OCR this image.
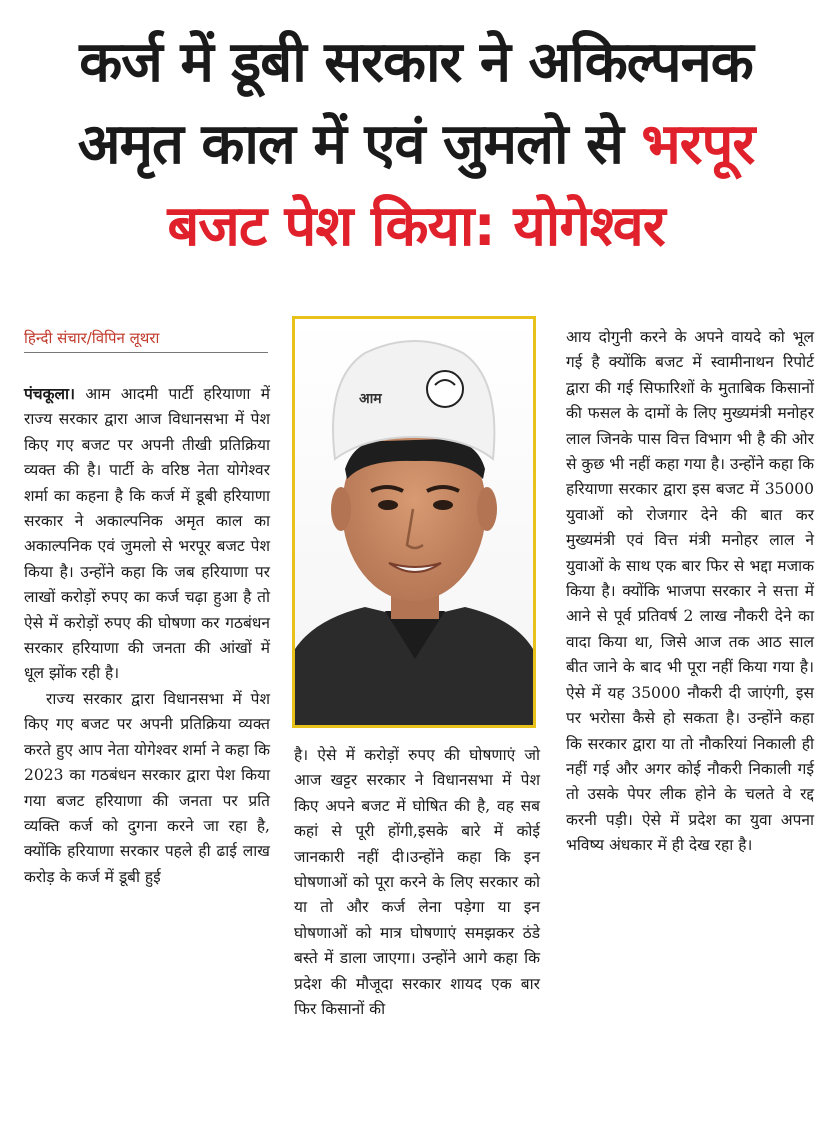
कर्ज में डूबी सरकार ने अकिल्पनक
अमृत काल में एवं जुमलो से भरपूर
बजट पेश किया: योगेश्वर
हिन्दी संचार/विपिन लूथरा

पंचकूला। आम आदमी पार्टी हरियाणा में राज्य सरकार द्वारा आज विधानसभा में पेश किए गए बजट पर अपनी तीखी प्रतिक्रिया व्यक्त की है। पार्टी के वरिष्ठ नेता योगेश्वर शर्मा का कहना है कि कर्ज में डूबी हरियाणा सरकार ने अकाल्पनिक अमृत काल का अकाल्पनिक एवं जुमलो से भरपूर बजट पेश किया है। उन्होंने कहा कि जब हरियाणा पर लाखों करोड़ों रुपए का कर्ज चढ़ा हुआ है तो ऐसे में करोड़ों रुपए की घोषणा कर गठबंधन सरकार हरियाणा की जनता की आंखों में धूल झोंक रही है।

राज्य सरकार द्वारा विधानसभा में पेश किए गए बजट पर अपनी प्रतिक्रिया व्यक्त करते हुए आप नेता योगेश्वर शर्मा ने कहा कि 2023 का गठबंधन सरकार द्वारा पेश किया गया बजट हरियाणा की जनता पर प्रति व्यक्ति कर्ज को दुगना करने जा रहा है, क्योंकि हरियाणा सरकार पहले ही ढाई लाख करोड़ के कर्ज में डूबी हुई

आम

है। ऐसे में करोड़ों रुपए की घोषणाएं जो आज खट्टर सरकार ने विधानसभा में पेश किए अपने बजट में घोषित की है, वह सब कहां से पूरी होंगी,इसके बारे में कोई जानकारी नहीं दी।उन्होंने कहा कि इन घोषणाओं को पूरा करने के लिए सरकार को या तो और कर्ज लेना पड़ेगा या इन घोषणाओं को मात्र घोषणाएं समझकर ठंडे बस्ते में डाला जाएगा। उन्होंने आगे कहा कि प्रदेश की मौजूदा सरकार शायद एक बार फिर किसानों की

आय दोगुनी करने के अपने वायदे को भूल गई है क्योंकि बजट में स्वामीनाथन रिपोर्ट द्वारा की गई सिफारिशों के मुताबिक किसानों की फसल के दामों के लिए मुख्यमंत्री मनोहर लाल जिनके पास वित्त विभाग भी है की ओर से कुछ भी नहीं कहा गया है। उन्होंने कहा कि हरियाणा सरकार द्वारा इस बजट में 35000 युवाओं को रोजगार देने की बात कर मुख्यमंत्री एवं वित्त मंत्री मनोहर लाल ने युवाओं के साथ एक बार फिर से भद्दा मजाक किया है। क्योंकि भाजपा सरकार ने सत्ता में आने से पूर्व प्रतिवर्ष 2 लाख नौकरी देने का वादा किया था, जिसे आज तक आठ साल बीत जाने के बाद भी पूरा नहीं किया गया है। ऐसे में यह 35000 नौकरी दी जाएंगी, इस पर भरोसा कैसे हो सकता है। उन्होंने कहा कि सरकार द्वारा या तो नौकरियां निकाली ही नहीं गई और अगर कोई नौकरी निकाली गई तो उसके पेपर लीक होने के चलते वे रद्द करनी पड़ी। ऐसे में प्रदेश का युवा अपना भविष्य अंधकार में ही देख रहा है।
